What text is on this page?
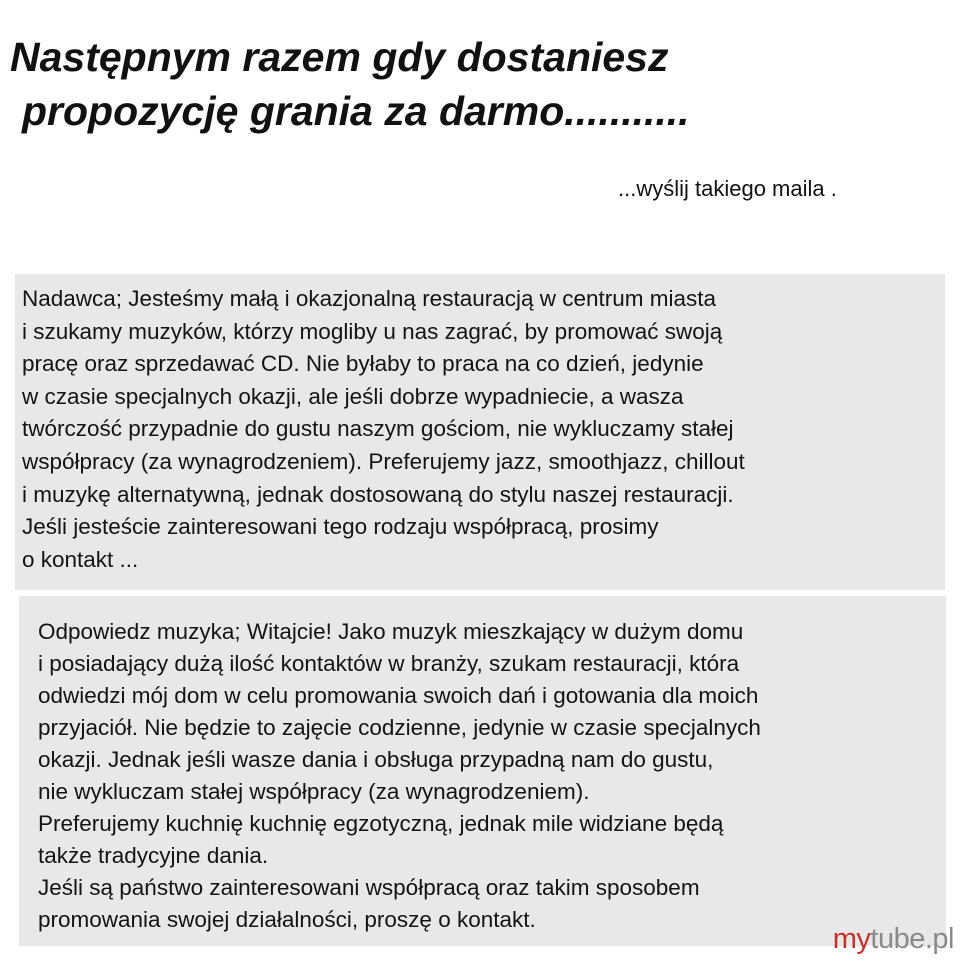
Następnym razem gdy dostaniesz
propozycję grania za darmo...........
...wyślij takiego maila .
Nadawca; Jesteśmy małą i okazjonalną restauracją w centrum miasta
i szukamy muzyków, którzy mogliby u nas zagrać, by promować swoją
pracę oraz sprzedawać CD. Nie byłaby to praca na co dzień, jedynie
w czasie specjalnych okazji, ale jeśli dobrze wypadniecie, a wasza
twórczość przypadnie do gustu naszym gościom, nie wykluczamy stałej
współpracy (za wynagrodzeniem). Preferujemy jazz, smoothjazz, chillout
i muzykę alternatywną, jednak dostosowaną do stylu naszej restauracji.
Jeśli jesteście zainteresowani tego rodzaju współpracą, prosimy
o kontakt ...
Odpowiedz muzyka; Witajcie! Jako muzyk mieszkający w dużym domu
i posiadający dużą ilość kontaktów w branży, szukam restauracji, która
odwiedzi mój dom w celu promowania swoich dań i gotowania dla moich
przyjaciół. Nie będzie to zajęcie codzienne, jedynie w czasie specjalnych
okazji. Jednak jeśli wasze dania i obsługa przypadną nam do gustu,
nie wykluczam stałej współpracy (za wynagrodzeniem).
Preferujemy kuchnię kuchnię egzotyczną, jednak mile widziane będą
także tradycyjne dania.
Jeśli są państwo zainteresowani współpracą oraz takim sposobem
promowania swojej działalności, proszę o kontakt.
mytube.pl
